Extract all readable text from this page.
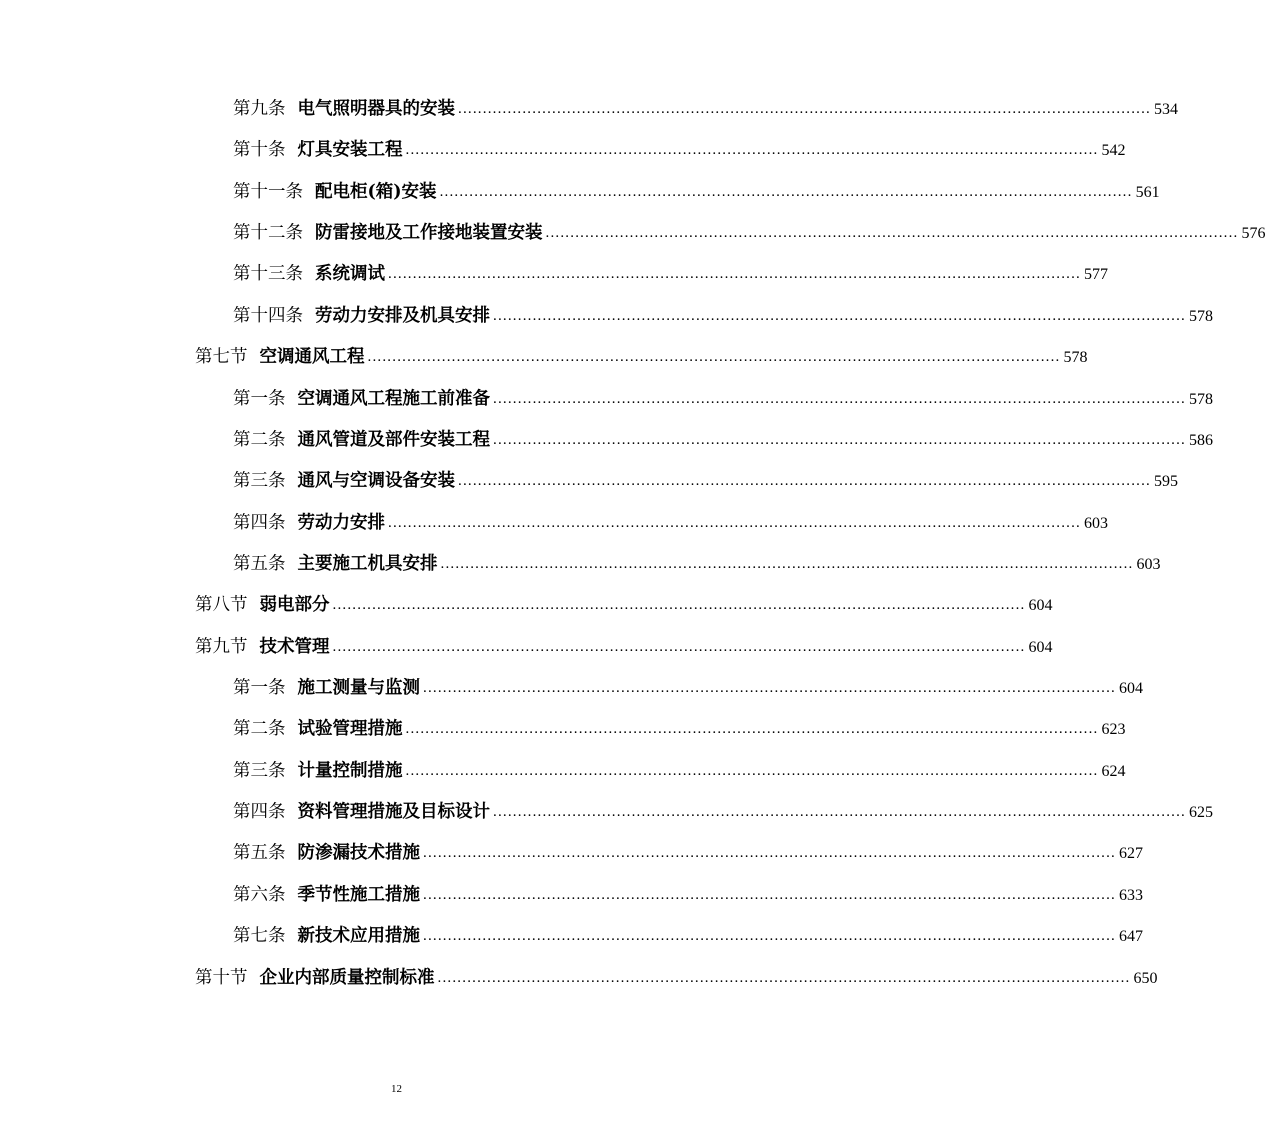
第九条 电气照明器具的安装 ............................................................................................................................................ 534
第十条 灯具安装工程 ............................................................................................................................................ 542
第十一条 配电柜(箱)安装 ............................................................................................................................................ 561
第十二条 防雷接地及工作接地装置安装 ............................................................................................................................................ 576
第十三条 系统调试 ............................................................................................................................................ 577
第十四条 劳动力安排及机具安排 ............................................................................................................................................ 578
第七节 空调通风工程 ............................................................................................................................................ 578
第一条 空调通风工程施工前准备 ............................................................................................................................................ 578
第二条 通风管道及部件安装工程 ............................................................................................................................................ 586
第三条 通风与空调设备安装 ............................................................................................................................................ 595
第四条 劳动力安排 ............................................................................................................................................ 603
第五条 主要施工机具安排 ............................................................................................................................................ 603
第八节 弱电部分 ............................................................................................................................................ 604
第九节 技术管理 ............................................................................................................................................ 604
第一条 施工测量与监测 ............................................................................................................................................ 604
第二条 试验管理措施 ............................................................................................................................................ 623
第三条 计量控制措施 ............................................................................................................................................ 624
第四条 资料管理措施及目标设计 ............................................................................................................................................ 625
第五条 防渗漏技术措施 ............................................................................................................................................ 627
第六条 季节性施工措施 ............................................................................................................................................ 633
第七条 新技术应用措施 ............................................................................................................................................ 647
第十节 企业内部质量控制标准 ............................................................................................................................................ 650
12
